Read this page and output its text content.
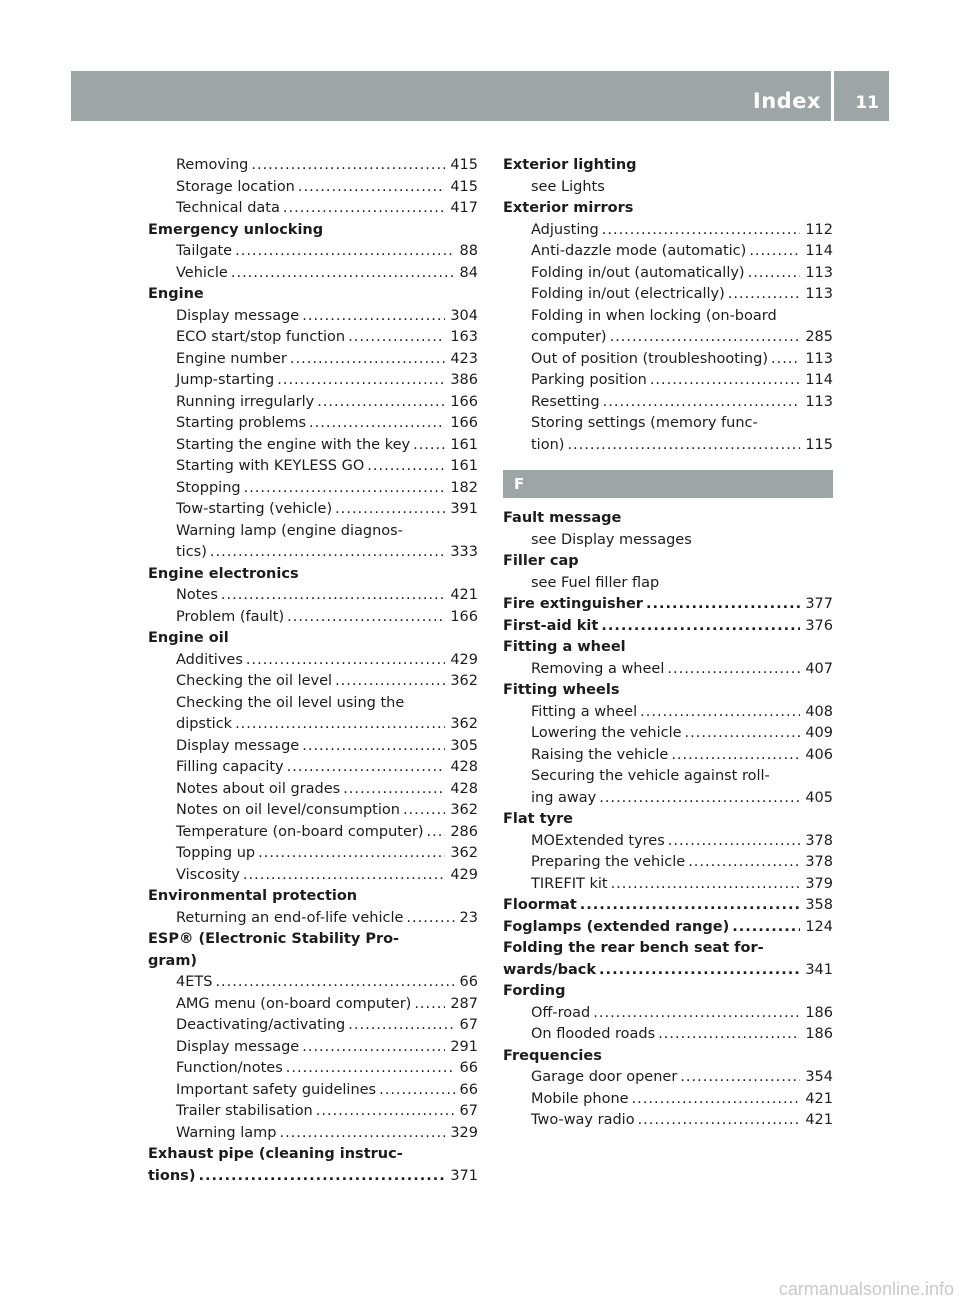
Index 11
Removing .....	415
Storage location .....	415
Technical data .....	417
Emergency unlocking
Tailgate .....	88
Vehicle .....	84
Engine
Display message .....	304
ECO start/stop function .....	163
Engine number .....	423
Jump-starting .....	386
Running irregularly .....	166
Starting problems .....	166
Starting the engine with the key .....	161
Starting with KEYLESS GO .....	161
Stopping .....	182
Tow-starting (vehicle) .....	391
Warning lamp (engine diagnos-
tics) .....	333
Engine electronics
Notes .....	421
Problem (fault) .....	166
Engine oil
Additives .....	429
Checking the oil level .....	362
Checking the oil level using the
dipstick .....	362
Display message .....	305
Filling capacity .....	428
Notes about oil grades .....	428
Notes on oil level/consumption .....	362
Temperature (on-board computer) ..... 286
Topping up .....	362
Viscosity .....	429
Environmental protection
Returning an end-of-life vehicle .....	23
ESP® (Electronic Stability Pro-
gram)
4ETS .....	66
AMG menu (on-board computer) .....	287
Deactivating/activating .....	67
Display message .....	291
Function/notes .....	66
Important safety guidelines .....	66
Trailer stabilisation .....	67
Warning lamp .....	329
Exhaust pipe (cleaning instruc-
tions) .....	371
Exterior lighting
see Lights
Exterior mirrors
Adjusting .....	112
Anti-dazzle mode (automatic) .....	114
Folding in/out (automatically) .....	113
Folding in/out (electrically) .....	113
Folding in when locking (on-board
computer) .....	285
Out of position (troubleshooting) .....	113
Parking position .....	114
Resetting .....	113
Storing settings (memory func-
tion) .....	115
F
Fault message
see Display messages
Filler cap
see Fuel filler flap
Fire extinguisher .....	377
First-aid kit .....	376
Fitting a wheel
Removing a wheel .....	407
Fitting wheels
Fitting a wheel .....	408
Lowering the vehicle .....	409
Raising the vehicle .....	406
Securing the vehicle against roll-
ing away .....	405
Flat tyre
MOExtended tyres .....	378
Preparing the vehicle .....	378
TIREFIT kit .....	379
Floormat .....	358
Foglamps (extended range) .....	124
Folding the rear bench seat for-
wards/back .....	341
Fording
Off-road .....	186
On flooded roads .....	186
Frequencies
Garage door opener .....	354
Mobile phone .....	421
Two-way radio .....	421
carmanualsonline.info
